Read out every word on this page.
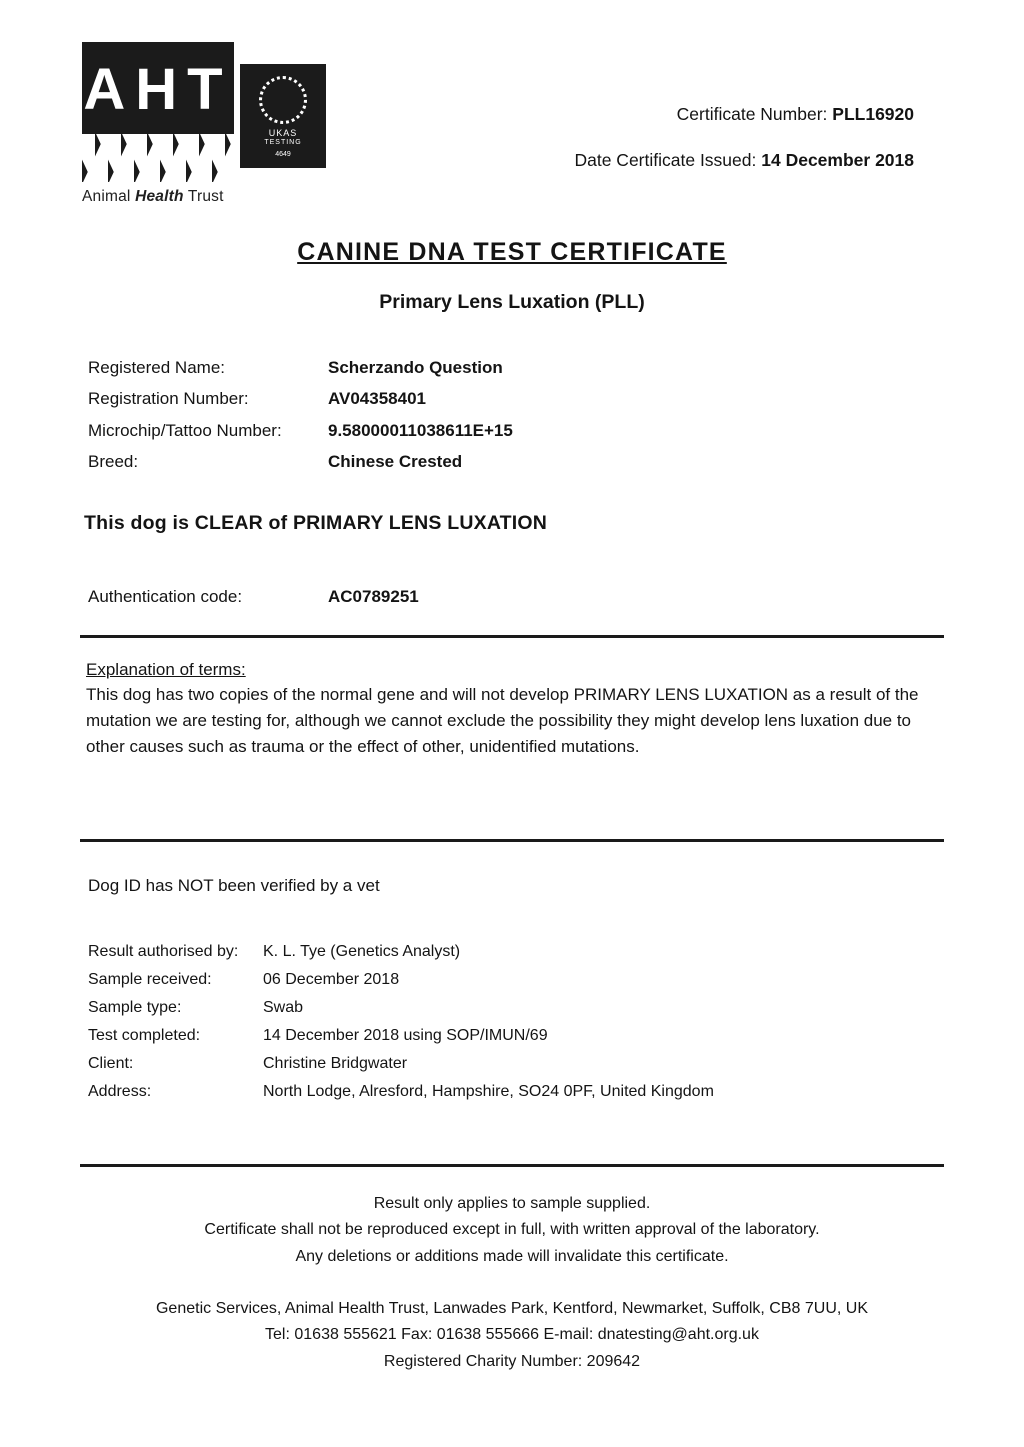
AHT
UKAS
TESTING
4649
Animal Health Trust
Certificate Number: PLL16920
Date Certificate Issued: 14 December 2018
CANINE DNA TEST CERTIFICATE
Primary Lens Luxation (PLL)
Registered Name:	Scherzando Question
Registration Number:	AV04358401
Microchip/Tattoo Number:	9.58000011038611E+15
Breed:	Chinese Crested
This dog is CLEAR of PRIMARY LENS LUXATION
Authentication code:	AC0789251
Explanation of terms:
This dog has two copies of the normal gene and will not develop PRIMARY LENS LUXATION as a result of the mutation we are testing for, although we cannot exclude the possibility they might develop lens luxation due to other causes such as trauma or the effect of other, unidentified mutations.
Dog ID has NOT been verified by a vet
Result authorised by:	K. L. Tye (Genetics Analyst)
Sample received:	06 December 2018
Sample type:	Swab
Test completed:	14 December 2018 using SOP/IMUN/69
Client:	Christine Bridgwater
Address:	North Lodge, Alresford, Hampshire, SO24 0PF, United Kingdom
Result only applies to sample supplied.
Certificate shall not be reproduced except in full, with written approval of the laboratory.
Any deletions or additions made will invalidate this certificate.
Genetic Services, Animal Health Trust, Lanwades Park, Kentford, Newmarket, Suffolk, CB8 7UU, UK
Tel: 01638 555621 Fax: 01638 555666 E-mail: dnatesting@aht.org.uk
Registered Charity Number: 209642
